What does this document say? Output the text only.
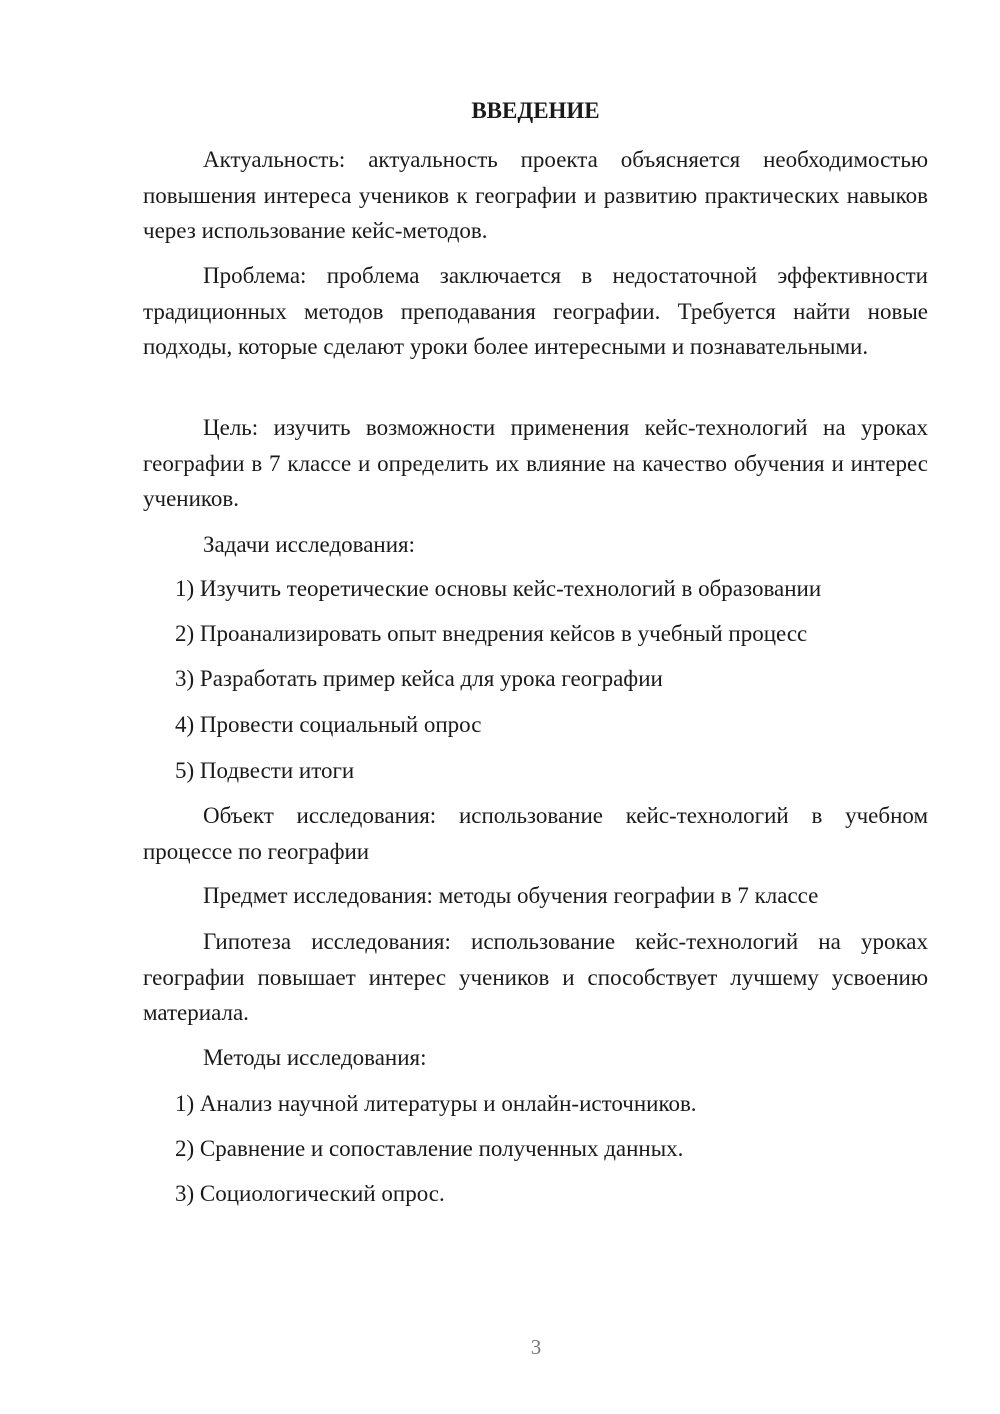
ВВЕДЕНИЕ

Актуальность: актуальность проекта объясняется необходимостью повышения интереса учеников к географии и развитию практических навыков через использование кейс-методов.

Проблема: проблема заключается в недостаточной эффективности традиционных методов преподавания географии. Требуется найти новые подходы, которые сделают уроки более интересными и познавательными.

Цель: изучить возможности применения кейс-технологий на уроках географии в 7 классе и определить их влияние на качество обучения и интерес учеников.

Задачи исследования:

1) Изучить теоретические основы кейс-технологий в образовании

2) Проанализировать опыт внедрения кейсов в учебный процесс

3) Разработать пример кейса для урока географии

4) Провести социальный опрос

5) Подвести итоги

Объект исследования: использование кейс-технологий в учебном процессе по географии

Предмет исследования: методы обучения географии в 7 классе

Гипотеза исследования: использование кейс-технологий на уроках географии повышает интерес учеников и способствует лучшему усвоению материала.

Методы исследования:

1) Анализ научной литературы и онлайн-источников.

2) Сравнение и сопоставление полученных данных.

3) Социологический опрос.

3
